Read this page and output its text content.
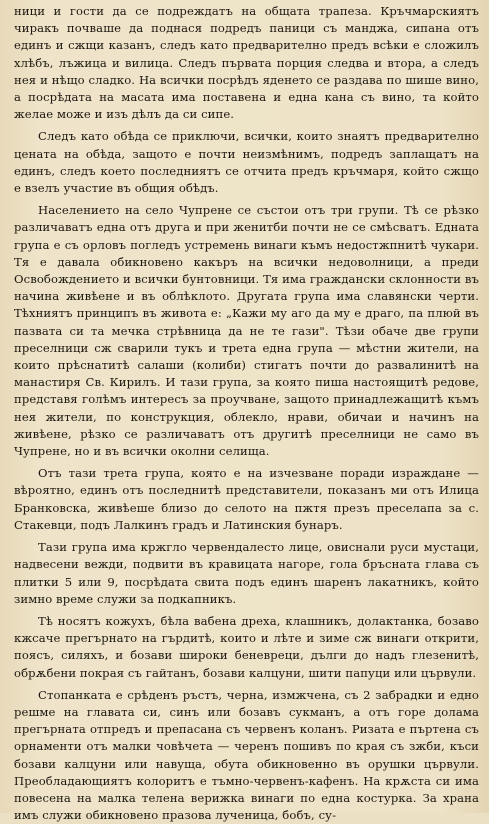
ници и гости да се подреждатъ на общата трапеза. Кръчмарскиятъ чиракъ почваше да поднася подредъ паници съ манджа, сипана отъ единъ и сжщи казанъ, следъ като предварително предъ всѣки е сложилъ хлѣбъ, лъжица и вилица. Следъ първата порция следва и втора, а следъ нея и нѣщо сладко. На всички посрѣдъ яденето се раздава по шише вино, а посрѣдата на масата има поставена и една кана съ вино, та който желае може и изъ дѣлъ да си сипе.

Следъ като обѣда се приключи, всички, които знаятъ предварително цената на обѣда, защото е почти неизмѣнимъ, подредъ заплащатъ на единъ, следъ което последниятъ се отчита предъ кръчмаря, който сжщо е взелъ участие въ общия обѣдъ.

Населението на село Чупрене се състои отъ три групи. Тѣ се рѣзко различаватъ една отъ друга и при женитби почти не се смѣсватъ. Едната група е съ орловъ погледъ устремень винаги къмъ недостжпнитѣ чукари. Тя е давала обикновено какъръ на всички недоволници, а преди Освобождението и всички бунтовници. Тя има граждански склонности въ начина живѣене и въ облѣклото. Другата група има славянски черти. Тѣхниятъ принципъ въ живота е: „Кажи му аго да му е драго, па плюй въ пазвата си та мечка стрѣвница да не те гази". Тѣзи обаче две групи преселници сж сварили тукъ и трета една група — мѣстни жители, на които прѣснатитѣ салаши (колиби) стигатъ почти до развалинитѣ на манастиря Св. Кирилъ. И тази група, за която пиша настоящитѣ редове, представя голѣмъ интересъ за проучване, защото принадлежащитѣ къмъ нея жители, по конструкция, облекло, нрави, обичаи и начинъ на живѣене, рѣзко се различаватъ отъ другитѣ преселници не само въ Чупрене, но и въ всички околни селища.

Отъ тази трета група, която е на изчезване поради израждане — вѣроятно, единъ отъ последнитѣ представители, показанъ ми отъ Илица Бранковска, живѣеше близо до селото на пжтя презъ преселапа за с. Стакевци, подъ Лалкинъ градъ и Латинския бунаръ.

Тази група има кржгло червендалесто лице, овиснали руси мустаци, надвесени вежди, подвити въ кравицата нагоре, гола бръсната глава съ плитки 5 или 9, посрѣдата свита подъ единъ шаренъ лакатникъ, който зимно време служи за подкапникъ.

Тѣ носятъ кожухъ, бѣла вабена дреха, клашникъ, долактанка, бозаво кжсаче прегърнато на гърдитѣ, които и лѣте и зиме сж винаги открити, поясъ, силяхъ, и бозави широки беневреци, дълги до надъ глезенитѣ, обрѫбени покрая съ гайтанъ, бозави калцуни, шити папуци или цървули.

Стопанката е срѣденъ ръстъ, черна, измжчена, съ 2 забрадки и едно решме на главата си, синъ или бозавъ сукманъ, а отъ горе долама прегърната отпредъ и препасана съ червенъ коланъ. Ризата е пъртена съ орнаменти отъ малки човѣчета — черенъ пошивъ по края съ зжби, къси бозави калцуни или навуща, обута обикновенно въ орушки цървули. Преобладающиятъ колоритъ е тъмно-червенъ-кафенъ. На крѫста си има повесена на малка телена верижка винаги по една костурка. За храна имъ служи обикновено празова лученица, бобъ, су-
